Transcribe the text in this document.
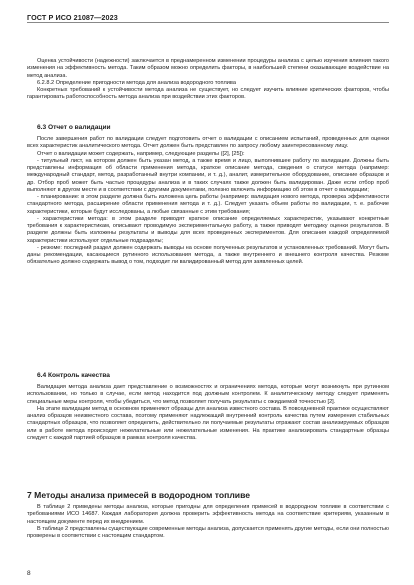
ГОСТ Р ИСО 21087—2023

Оценка устойчивости (надежности) заключается в преднамеренном изменении процедуры анализа с целью изучения влияния такого изменения на эффективность метода. Таким образом можно определить факторы, в наибольшей степени оказывающие воздействие на метод анализа.

6.2.8.2 Определение пригодности метода для анализа водородного топлива

Конкретных требований к устойчивости метода анализа не существует, но следует изучить влияние критических факторов, чтобы гарантировать работоспособность метода анализа при воздействии этих факторов.

6.3 Отчет о валидации

После завершения работ по валидации следует подготовить отчет о валидации с описанием испытаний, проведенных для оценки всех характеристик аналитического метода. Отчет должен быть представлен по запросу любому заинтересованному лицу.

Отчет о валидации может содержать, например, следующие разделы ([2], [25]):

- титульный лист, на котором должен быть указан метод, а также время и лицо, выполнившее работу по валидации. Должны быть представлены информация об области применения метода, краткое описание метода, сведения о статусе метода (например: международный стандарт, метод, разработанный внутри компании, и т. д.), аналит, измерительное оборудование, описание образцов и др. Отбор проб может быть частью процедуры анализа и в таких случаях также должен быть валидирован. Даже если отбор проб выполняют в другом месте и в соответствии с другими документами, полезно включить информацию об этом в отчет о валидации;

- планирование: в этом разделе должна быть изложена цель работы (например: валидация нового метода, проверка эффективности стандартного метода, расширение области применения метода и т. д.). Следует указать объем работы по валидации, т. е. рабочие характеристики, которые будут исследованы, а любые связанные с этим требования;

- характеристики метода: в этом разделе приводят краткое описание определяемых характеристик, указывают конкретные требования к характеристикам, описывают проводимую экспериментальную работу, а также приводят методику оценки результатов. В разделе должны быть изложены результаты и выводы для всех проведенных экспериментов. Для описания каждой определяемой характеристики используют отдельные подразделы;

- резюме: последний раздел должен содержать выводы на основе полученных результатов и установленных требований. Могут быть даны рекомендации, касающиеся рутинного использования метода, а также внутреннего и внешнего контроля качества. Резюме обязательно должно содержать вывод о том, подходит ли валидированный метод для заявленных целей.

6.4 Контроль качества

Валидация метода анализа дает представление о возможностях и ограничениях метода, которые могут возникнуть при рутинном использовании, но только в случае, если метод находится под должным контролем. К аналитическому методу следует применять специальные меры контроля, чтобы убедиться, что метод позволяет получать результаты с ожидаемой точностью [2].

На этапе валидации метод в основном применяют образцы для анализа известного состава. В повседневной практике осуществляют анализ образцов неизвестного состава, поэтому применяют надлежащий внутренний контроль качества путем измерения стабильных стандартных образцов, что позволяет определить, действительно ли получаемые результаты отражают состав анализируемых образцов или в работе метода происходят нежелательные или нежелательные изменения. На практике анализировать стандартные образцы следует с каждой партией образцов в рамках контроля качества.

7 Методы анализа примесей в водородном топливе

В таблице 2 приведены методы анализа, которые пригодны для определения примесей в водородном топливе в соответствии с требованиями ИСО 14687. Каждая лаборатория должна проверить эффективность метода на соответствие критериям, указанным в настоящем документе перед их внедрением.

В таблице 2 представлены существующие современные методы анализа, допускается применять другие методы, если они полностью проверены в соответствии с настоящим стандартом.

8
